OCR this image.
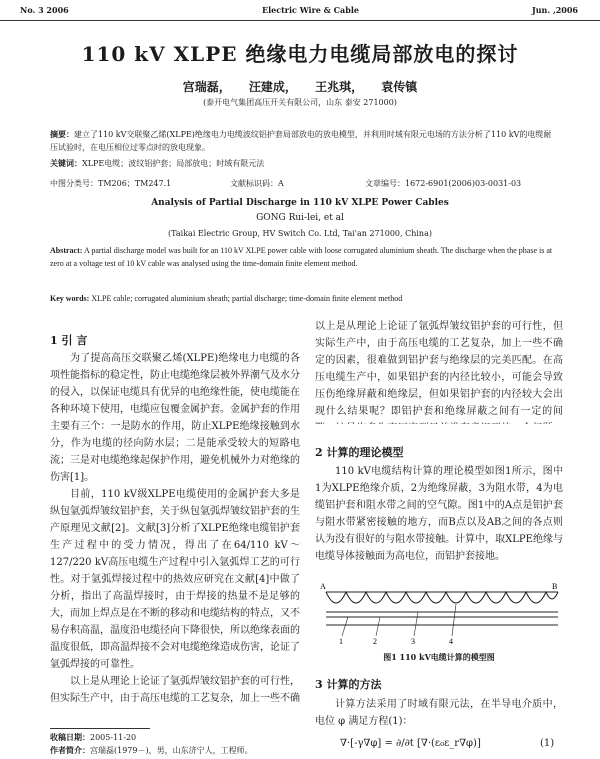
No. 3 2006	Electric Wire & Cable	Jun. ,2006
110 kV XLPE 绝缘电力电缆局部放电的探讨
宫瑞磊， 汪建成， 王兆琪， 袁传镇
(泰开电气集团高压开关有限公司，山东 泰安 271000)
摘要：建立了110 kV交联聚乙烯(XLPE)绝缘电力电缆波纹铝护套局部放电的放电模型，并利用时域有限元电场的方法分析了110 kV的电缆耐压试验时，在电压相位过零点时的放电现象。
关键词：XLPE电缆；波纹铝护套；局部放电；时域有限元法
中图分类号：TM206；TM247.1	文献标识码：A	文章编号：1672-6901(2006)03-0031-03
Analysis of Partial Discharge in 110 kV XLPE Power Cables
GONG Rui-lei, et al
(Taikai Electric Group, HV Switch Co. Ltd, Tai'an 271000, China)
Abstract: A partial discharge model was built for an 110 kV XLPE power cable with loose corrugated aluminium sheath. The discharge when the phase is at zero at a voltage test of 10 kV cable was analysed using the time-domain finite element method.
Key words: XLPE cable; corrugated aluminium sheath; partial discharge; time-domain finite element method
1 引 言

为了提高高压交联聚乙烯(XLPE)绝缘电力电缆的各项性能指标的稳定性，防止电缆绝缘层被外界潮气及水分的侵入，以保证电缆具有优异的电绝缘性能，使电缆能在各种环境下使用，电缆应包覆金属护套。金属护套的作用主要有三个：一是防水的作用，防止XLPE绝缘接触到水分，作为电缆的径向防水层；二是能承受较大的短路电流；三是对电缆绝缘起保护作用，避免机械外力对绝缘的伤害[1]。

目前，110 kV级XLPE电缆使用的金属护套大多是纵包氩弧焊皱纹铝护套，关于纵包氩弧焊皱纹铝护套的生产原理见文献[2]。文献[3]分析了XLPE绝缘电缆铝护套生产过程中的受力情况，得出了在64/110 kV～127/220 kV高压电缆生产过程中引入氩弧焊工艺的可行性。对于氩弧焊接过程中的热效应研究在文献[4]中做了分析，指出了高温焊接时，由于焊接的热量不是足够的大，而加上焊点是在不断的移动和电缆结构的特点，又不易存积高温，温度沿电缆径向下降很快，所以绝缘表面的温度很低，即高温焊接不会对电缆绝缘造成伤害，论证了氩弧焊接的可靠性。

以上是从理论上论证了氩弧焊皱纹铝护套的可行性，但实际生产中，由于高压电缆的工艺复杂，加上一些不确

收稿日期：2005-11-20
作者简介：宫瑞磊(1979－)，男，山东济宁人，工程师。

以上是从理论上论证了氩弧焊皱纹铝护套的可行性，但实际生产中，由于高压电缆的工艺复杂，加上一些不确定的因素，很难做到铝护套与绝缘层的完美匹配。在高压电缆生产中，如果铝护套的内径比较小，可能会导致压伤绝缘屏蔽和绝缘层，但如果铝护套的内径较大会出现什么结果呢？即铝护套和绝缘屏蔽之间有一定的间

2 计算的理论模型

110 kV电缆结构计算的理论模型如图1所示，图中1为XLPE绝缘介质，2为绝缘屏蔽，3为阻水带，4为电缆铝护套和阻水带之间的空气隙。图1中的A点是铝护套与阻水带紧密接触的地方，而B点以及AB之间的各点则认为没有很好的与阻水带接触。计算中，取XLPE绝缘与电缆导体接触面为高电位，而铝护套接地。

A	B
1	2	3	4
图1 110 kV电缆计算的模型图
3 计算的方法

计算方法采用了时域有限元法，在半导电介质中，电位 φ 满足方程(1)：

∇·[-γ∇φ] = ∂/∂t [∇·(ε₀ε_r∇φ)]	(1)
